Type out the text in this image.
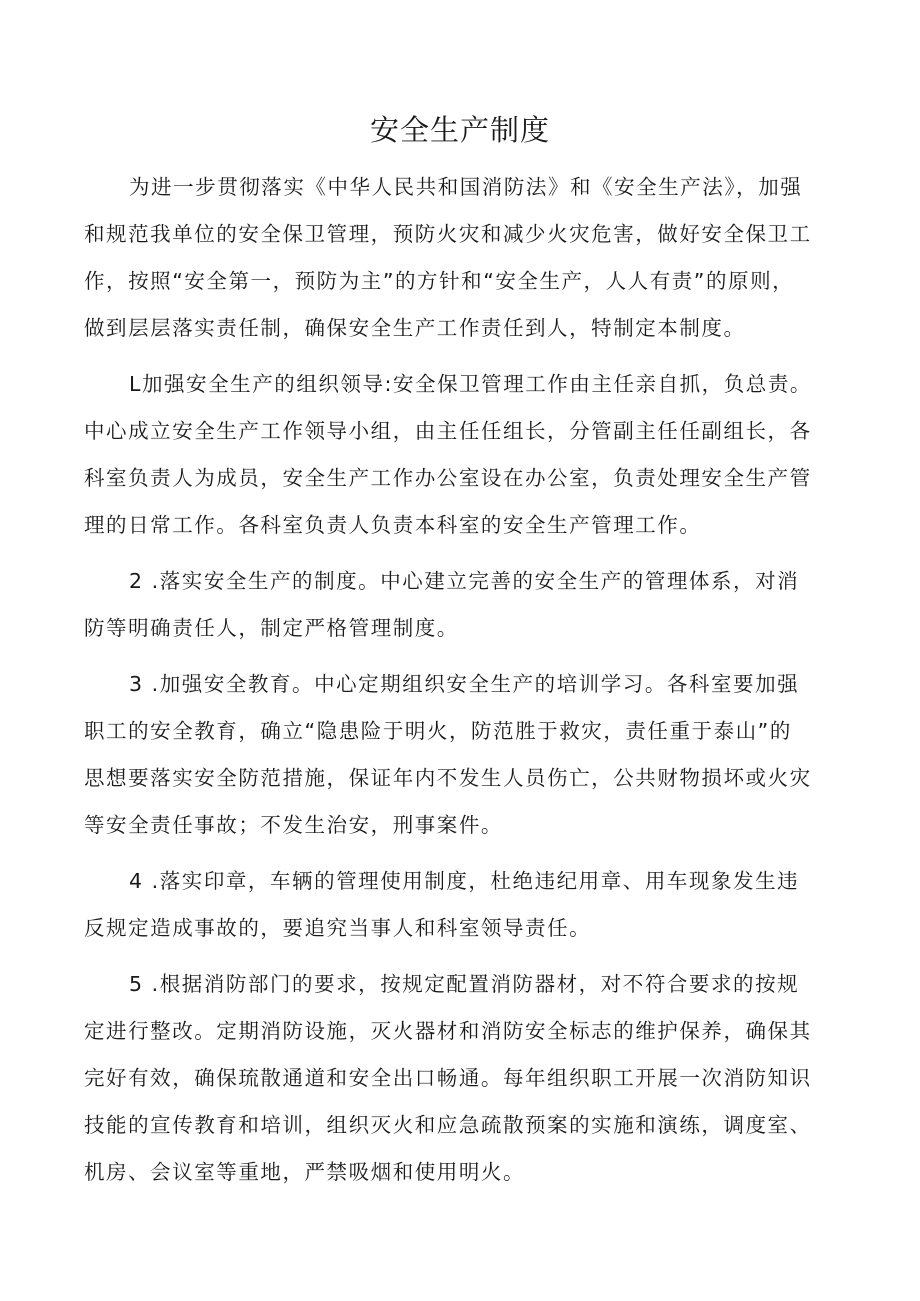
安全生产制度
为进一步贯彻落实《中华人民共和国消防法》和《安全生产法》，加强
和规范我单位的安全保卫管理，预防火灾和减少火灾危害，做好安全保卫工
作，按照“安全第一，预防为主”的方针和“安全生产，人人有责”的原则，
做到层层落实责任制，确保安全生产工作责任到人，特制定本制度。
L加强安全生产的组织领导:安全保卫管理工作由主任亲自抓，负总责。
中心成立安全生产工作领导小组，由主任任组长，分管副主任任副组长，各
科室负责人为成员，安全生产工作办公室设在办公室，负责处理安全生产管
理的日常工作。各科室负责人负责本科室的安全生产管理工作。
2 .落实安全生产的制度。中心建立完善的安全生产的管理体系，对消
防等明确责任人，制定严格管理制度。
3 .加强安全教育。中心定期组织安全生产的培训学习。各科室要加强
职工的安全教育，确立“隐患险于明火，防范胜于救灾，责任重于泰山”的
思想要落实安全防范措施，保证年内不发生人员伤亡，公共财物损坏或火灾
等安全责任事故；不发生治安，刑事案件。
4 .落实印章，车辆的管理使用制度，杜绝违纪用章、用车现象发生违
反规定造成事故的，要追究当事人和科室领导责任。
5 .根据消防部门的要求，按规定配置消防器材，对不符合要求的按规
定进行整改。定期消防设施，灭火器材和消防安全标志的维护保养，确保其
完好有效，确保琉散通道和安全出口畅通。每年组织职工开展一次消防知识
技能的宣传教育和培训，组织灭火和应急疏散预案的实施和演练，调度室、
机房、会议室等重地，严禁吸烟和使用明火。
